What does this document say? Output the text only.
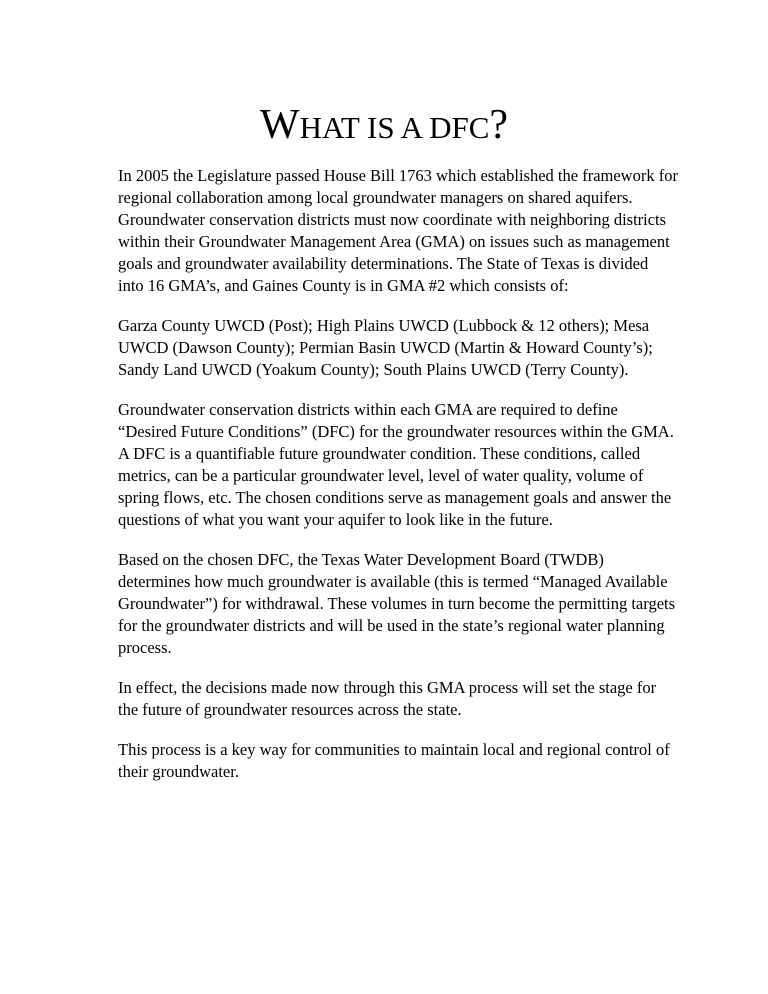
WHAT IS A DFC?

In 2005 the Legislature passed House Bill 1763 which established the framework for regional collaboration among local groundwater managers on shared aquifers. Groundwater conservation districts must now coordinate with neighboring districts within their Groundwater Management Area (GMA) on issues such as management goals and groundwater availability determinations. The State of Texas is divided into 16 GMA’s, and Gaines County is in GMA #2 which consists of:

Garza County UWCD (Post); High Plains UWCD (Lubbock & 12 others); Mesa UWCD (Dawson County); Permian Basin UWCD (Martin & Howard County’s); Sandy Land UWCD (Yoakum County); South Plains UWCD (Terry County).

Groundwater conservation districts within each GMA are required to define “Desired Future Conditions” (DFC) for the groundwater resources within the GMA. A DFC is a quantifiable future groundwater condition. These conditions, called metrics, can be a particular groundwater level, level of water quality, volume of spring flows, etc. The chosen conditions serve as management goals and answer the questions of what you want your aquifer to look like in the future.

Based on the chosen DFC, the Texas Water Development Board (TWDB) determines how much groundwater is available (this is termed “Managed Available Groundwater”) for withdrawal. These volumes in turn become the permitting targets for the groundwater districts and will be used in the state’s regional water planning process.

In effect, the decisions made now through this GMA process will set the stage for the future of groundwater resources across the state.

This process is a key way for communities to maintain local and regional control of their groundwater.
